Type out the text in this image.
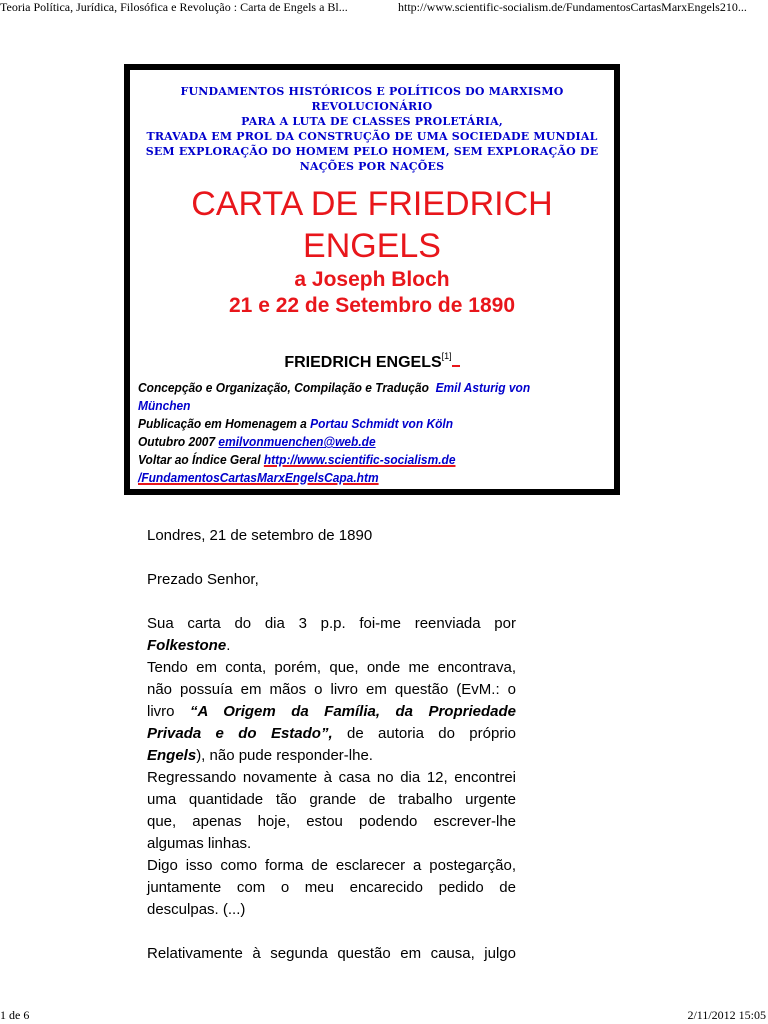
Teoria Política, Jurídica, Filosófica e Revolução : Carta de Engels a Bl...	http://www.scientific-socialism.de/FundamentosCartasMarxEngels210...
FUNDAMENTOS HISTÓRICOS E POLÍTICOS DO MARXISMO
REVOLUCIONÁRIO
PARA A LUTA DE CLASSES PROLETÁRIA,
TRAVADA EM PROL DA CONSTRUÇÃO DE UMA SOCIEDADE MUNDIAL
SEM EXPLORAÇÃO DO HOMEM PELO HOMEM, SEM EXPLORAÇÃO DE
NAÇÕES POR NAÇÕES
CARTA DE FRIEDRICH
ENGELS
a Joseph Bloch
21 e 22 de Setembro de 1890
FRIEDRICH ENGELS[1]
Concepção e Organização, Compilação e Tradução Emil Asturig von
München
Publicação em Homenagem a Portau Schmidt von Köln
Outubro 2007 emilvonmuenchen@web.de
Voltar ao Índice Geral http://www.scientific-socialism.de
/FundamentosCartasMarxEngelsCapa.htm

Londres, 21 de setembro de 1890

Prezado Senhor,

Sua carta do dia 3 p.p. foi-me reenviada por
Folkestone.
Tendo em conta, porém, que, onde me encontrava,
não possuía em mãos o livro em questão (EvM.: o
livro “A Origem da Família, da Propriedade
Privada e do Estado”, de autoria do próprio
Engels), não pude responder-lhe.
Regressando novamente à casa no dia 12, encontrei
uma quantidade tão grande de trabalho urgente
que, apenas hoje, estou podendo escrever-lhe
algumas linhas.
Digo isso como forma de esclarecer a postegarção,
juntamente com o meu encarecido pedido de
desculpas. (...)
Relativamente à segunda questão em causa, julgo
1 de 6	2/11/2012 15:05
